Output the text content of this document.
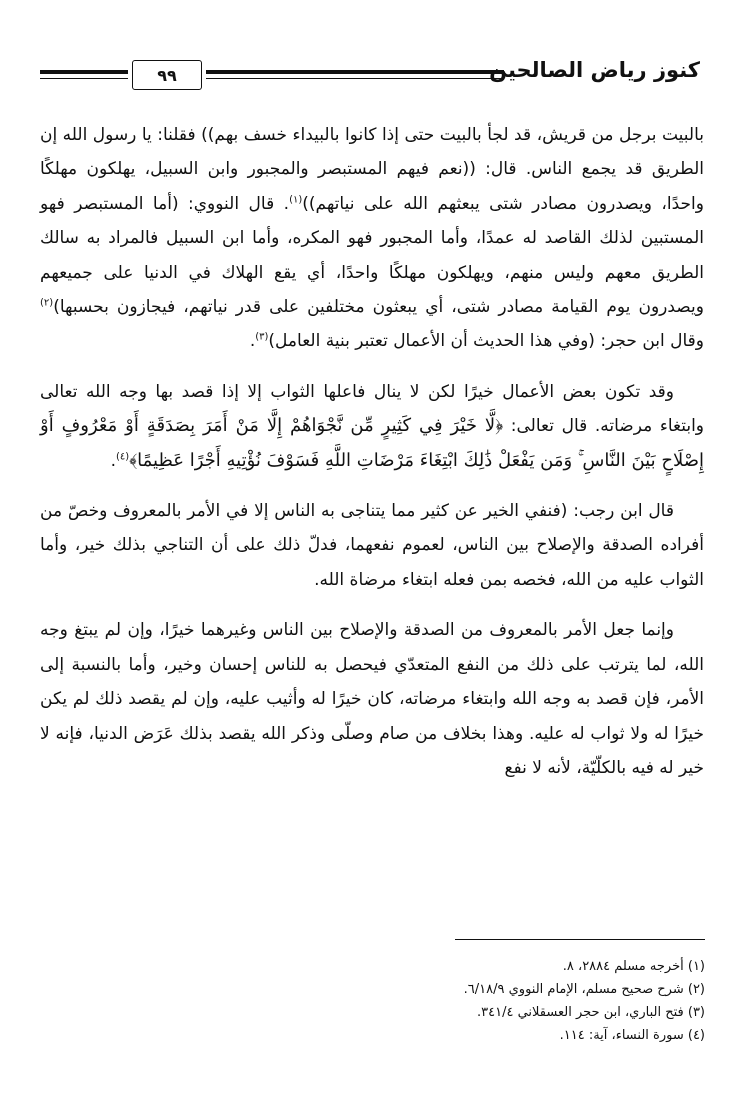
٩٩	كنوز رياض الصالحين

بالبيت برجل من قريش، قد لجأ بالبيت حتى إذا كانوا بالبيداء خسف بهم)) فقلنا: يا رسول الله إن الطريق قد يجمع الناس. قال: ((نعم فيهم المستبصر والمجبور وابن السبيل، يهلكون مهلكًا واحدًا، ويصدرون مصادر شتى يبعثهم الله على نياتهم))$^{(١)}$. قال النووي: (أما المستبصر فهو المستبين لذلك القاصد له عمدًا، وأما المجبور فهو المكره، وأما ابن السبيل فالمراد به سالك الطريق معهم وليس منهم، ويهلكون مهلكًا واحدًا، أي يقع الهلاك في الدنيا على جميعهم ويصدرون يوم القيامة مصادر شتى، أي يبعثون مختلفين على قدر نياتهم، فيجازون بحسبها)$^{(٢)}$ وقال ابن حجر: (وفي هذا الحديث أن الأعمال تعتبر بنية العامل)$^{(٣)}$.

وقد تكون بعض الأعمال خيرًا لكن لا ينال فاعلها الثواب إلا إذا قصد بها وجه الله تعالى وابتغاء مرضاته. قال تعالى: ﴿لَّا خَيْرَ فِي كَثِيرٍ مِّن نَّجْوَاهُمْ إِلَّا مَنْ أَمَرَ بِصَدَقَةٍ أَوْ مَعْرُوفٍ أَوْ إِصْلَاحٍ بَيْنَ النَّاسِ ۚ وَمَن يَفْعَلْ ذَٰلِكَ ابْتِغَاءَ مَرْضَاتِ اللَّهِ فَسَوْفَ نُؤْتِيهِ أَجْرًا عَظِيمًا﴾$^{(٤)}$.

قال ابن رجب: (فنفي الخير عن كثير مما يتناجى به الناس إلا في الأمر بالمعروف وخصّ من أفراده الصدقة والإصلاح بين الناس، لعموم نفعهما، فدلّ ذلك على أن التناجي بذلك خير، وأما الثواب عليه من الله، فخصه بمن فعله ابتغاء مرضاة الله.

وإنما جعل الأمر بالمعروف من الصدقة والإصلاح بين الناس وغيرهما خيرًا، وإن لم يبتغ وجه الله، لما يترتب على ذلك من النفع المتعدّي فيحصل به للناس إحسان وخير، وأما بالنسبة إلى الأمر، فإن قصد به وجه الله وابتغاء مرضاته، كان خيرًا له وأثيب عليه، وإن لم يقصد ذلك لم يكن خيرًا له ولا ثواب له عليه. وهذا بخلاف من صام وصلّى وذكر الله يقصد بذلك عَرَض الدنيا، فإنه لا خير له فيه بالكلّيّة، لأنه لا نفع

(١) أخرجه مسلم ٢٨٨٤، ٨.
(٢) شرح صحيح مسلم، الإمام النووي ٦/١٨/٩.
(٣) فتح الباري، ابن حجر العسقلاني ٣٤١/٤.
(٤) سورة النساء، آية: ١١٤.
